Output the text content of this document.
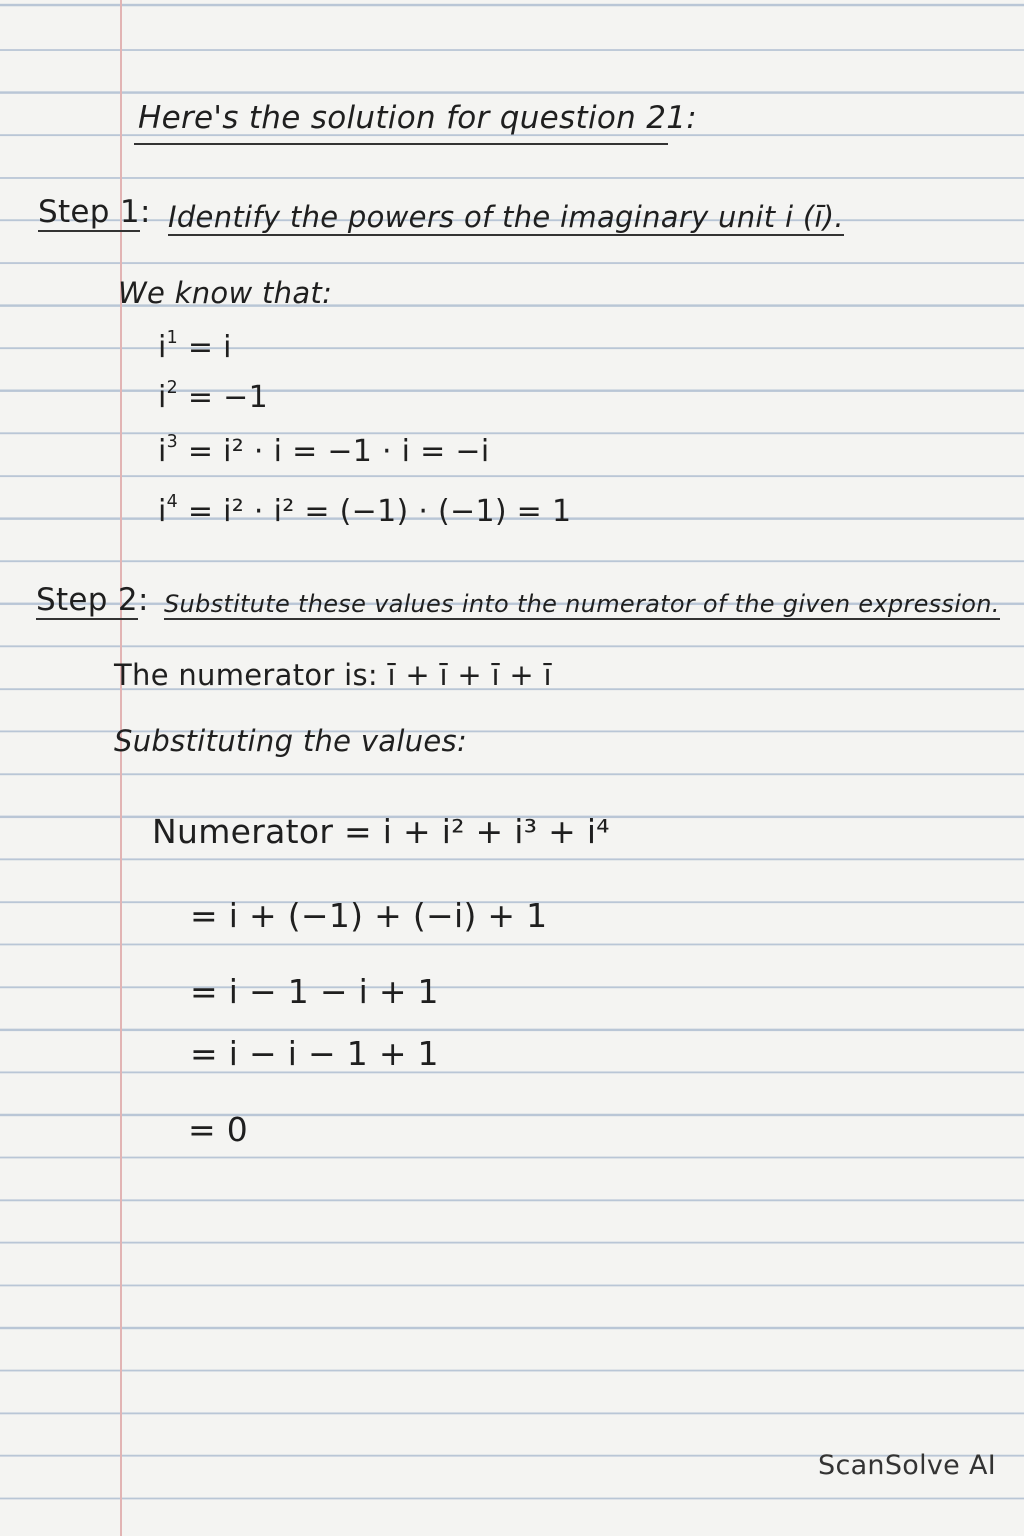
Here's the solution for question 21:
Step 1: Identify the powers of the imaginary unit i (ī).
We know that:
$i^1 = i$
$i^2 = -1$
$i^3 = i^2 \cdot i = -1 \cdot i = -i$
$i^4 = i^2 \cdot i^2 = (-1) \cdot (-1) = 1$
Step 2: Substitute these values into the numerator of the given expression.
The numerator is: ī + ī + ī + ī
Substituting the values:
Numerator = i + i² + i³ + i⁴
= i + (−1) + (−i) + 1
= i − 1 − i + 1
= i − i − 1 + 1
= 0
ScanSolve AI
